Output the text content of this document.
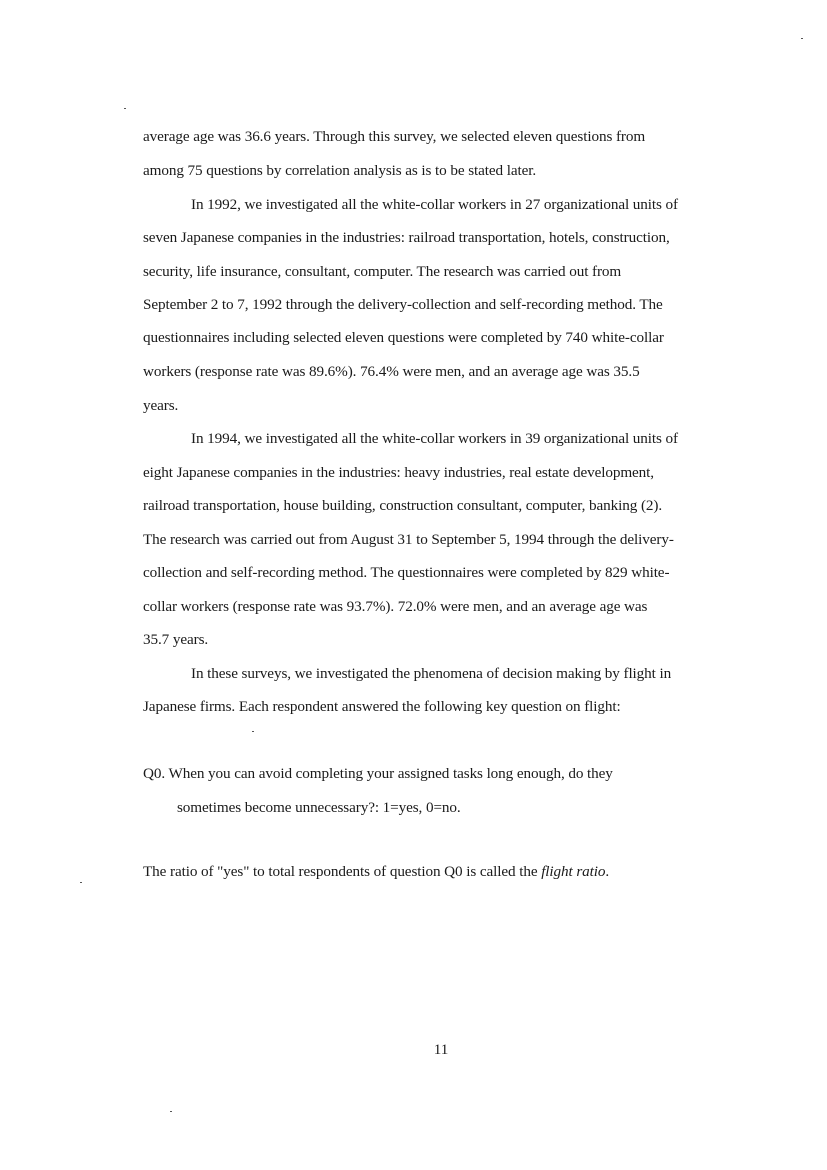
average age was 36.6 years. Through this survey, we selected eleven questions from
among 75 questions by correlation analysis as is to be stated later.
In 1992, we investigated all the white-collar workers in 27 organizational units of
seven Japanese companies in the industries: railroad transportation, hotels, construction,
security, life insurance, consultant, computer. The research was carried out from
September 2 to 7, 1992 through the delivery-collection and self-recording method. The
questionnaires including selected eleven questions were completed by 740 white-collar
workers (response rate was 89.6%). 76.4% were men, and an average age was 35.5
years.
In 1994, we investigated all the white-collar workers in 39 organizational units of
eight Japanese companies in the industries: heavy industries, real estate development,
railroad transportation, house building, construction consultant, computer, banking (2).
The research was carried out from August 31 to September 5, 1994 through the delivery-
collection and self-recording method. The questionnaires were completed by 829 white-
collar workers (response rate was 93.7%). 72.0% were men, and an average age was
35.7 years.
In these surveys, we investigated the phenomena of decision making by flight in
Japanese firms. Each respondent answered the following key question on flight:
Q0. When you can avoid completing your assigned tasks long enough, do they
sometimes become unnecessary?: 1=yes, 0=no.
The ratio of "yes" to total respondents of question Q0 is called the flight ratio.
11
